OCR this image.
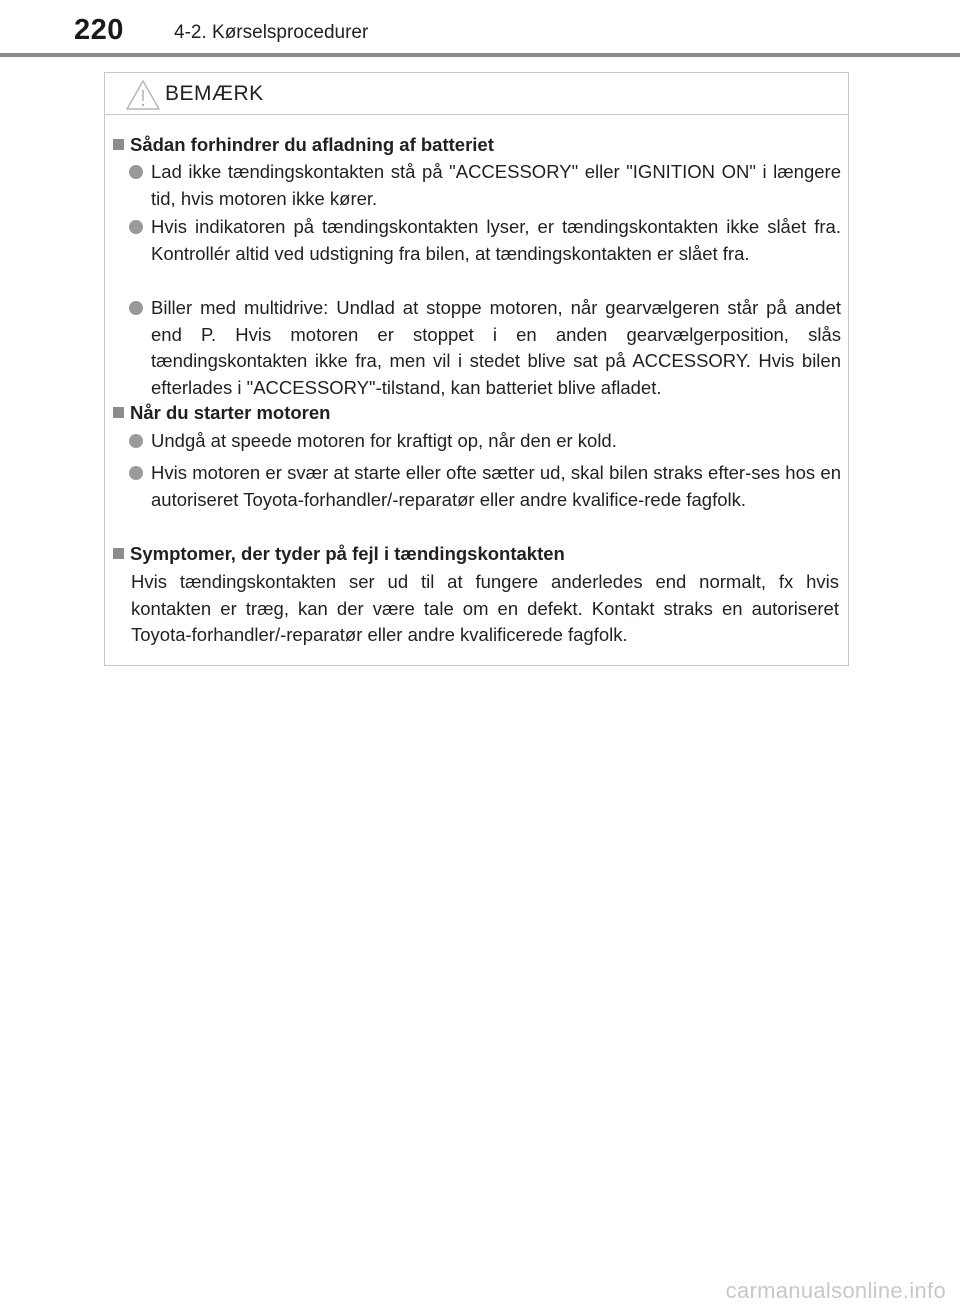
220	4-2. Kørselsprocedurer
BEMÆRK
Sådan forhindrer du afladning af batteriet
Lad ikke tændingskontakten stå på "ACCESSORY" eller "IGNITION ON" i længere tid, hvis motoren ikke kører.
Hvis indikatoren på tændingskontakten lyser, er tændingskontakten ikke slået fra. Kontrollér altid ved udstigning fra bilen, at tændingskontakten er slået fra.
Biller med multidrive: Undlad at stoppe motoren, når gearvælgeren står på andet end P. Hvis motoren er stoppet i en anden gearvælgerposition, slås tændingskontakten ikke fra, men vil i stedet blive sat på ACCESSORY. Hvis bilen efterlades i "ACCESSORY"-tilstand, kan batteriet blive afladet.
Når du starter motoren
Undgå at speede motoren for kraftigt op, når den er kold.
Hvis motoren er svær at starte eller ofte sætter ud, skal bilen straks efter-ses hos en autoriseret Toyota-forhandler/-reparatør eller andre kvalifice-rede fagfolk.
Symptomer, der tyder på fejl i tændingskontakten
Hvis tændingskontakten ser ud til at fungere anderledes end normalt, fx hvis kontakten er træg, kan der være tale om en defekt. Kontakt straks en autoriseret Toyota-forhandler/-reparatør eller andre kvalificerede fagfolk.
carmanualsonline.info
